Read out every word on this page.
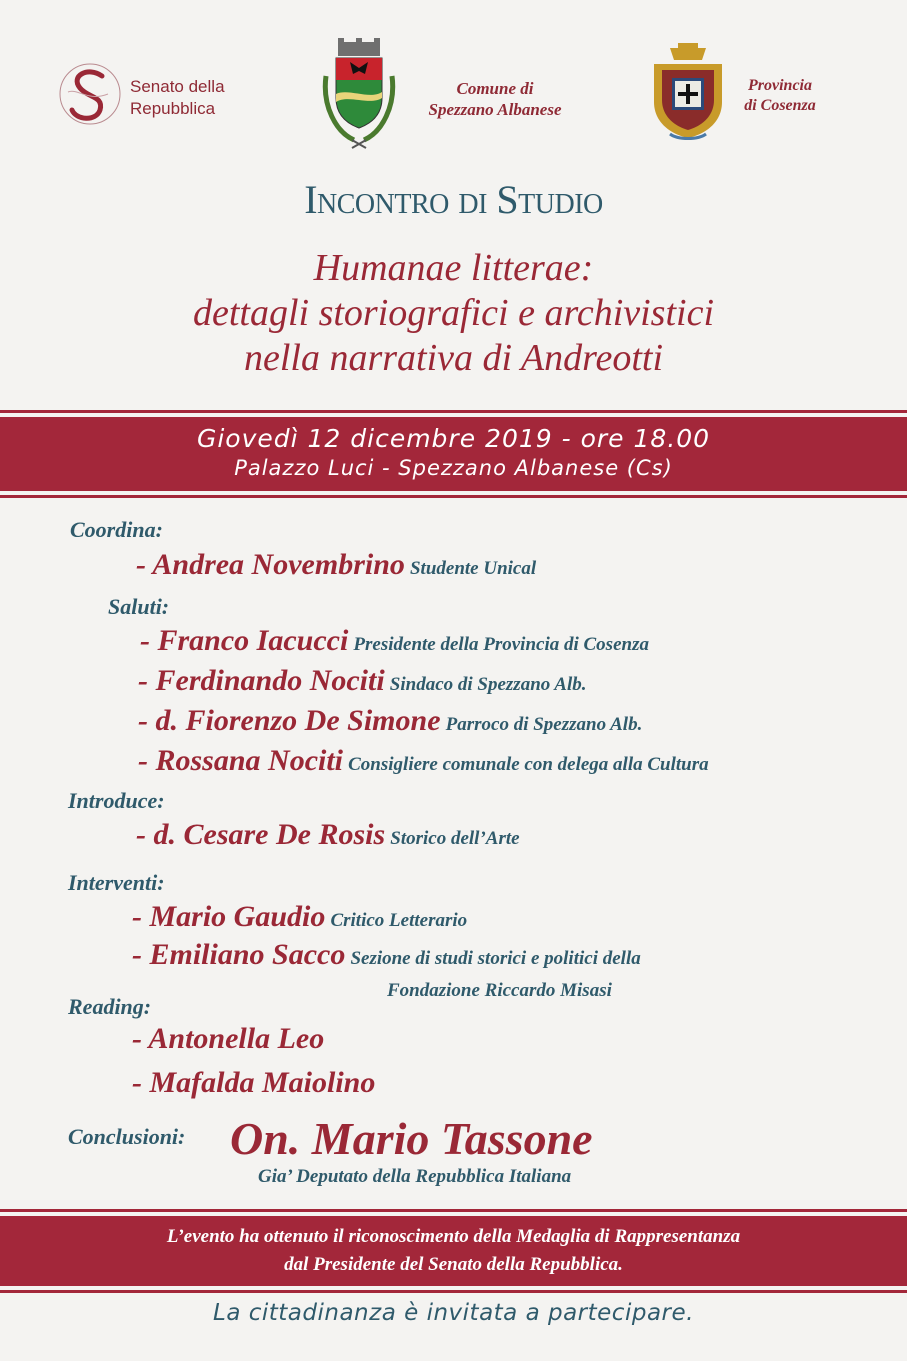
Senato della
Repubblica
Comune di
Spezzano Albanese
Provincia
di Cosenza
Incontro di Studio
Humanae litterae:
dettagli storiografici e archivistici
nella narrativa di Andreotti
Giovedì 12 dicembre 2019 - ore 18.00
Palazzo Luci - Spezzano Albanese (Cs)
Coordina:
- Andrea Novembrino Studente Unical
Saluti:
- Franco Iacucci Presidente della Provincia di Cosenza
- Ferdinando Nociti Sindaco di Spezzano Alb.
- d. Fiorenzo De Simone Parroco di Spezzano Alb.
- Rossana Nociti Consigliere comunale con delega alla Cultura
Introduce:
- d. Cesare De Rosis Storico dell’Arte
Interventi:
- Mario Gaudio Critico Letterario
- Emiliano Sacco Sezione di studi storici e politici della
Fondazione Riccardo Misasi
Reading:
- Antonella Leo
- Mafalda Maiolino
Conclusioni: On. Mario Tassone
Gia’ Deputato della Repubblica Italiana
L’evento ha ottenuto il riconoscimento della Medaglia di Rappresentanza
dal Presidente del Senato della Repubblica.
La cittadinanza è invitata a partecipare.
